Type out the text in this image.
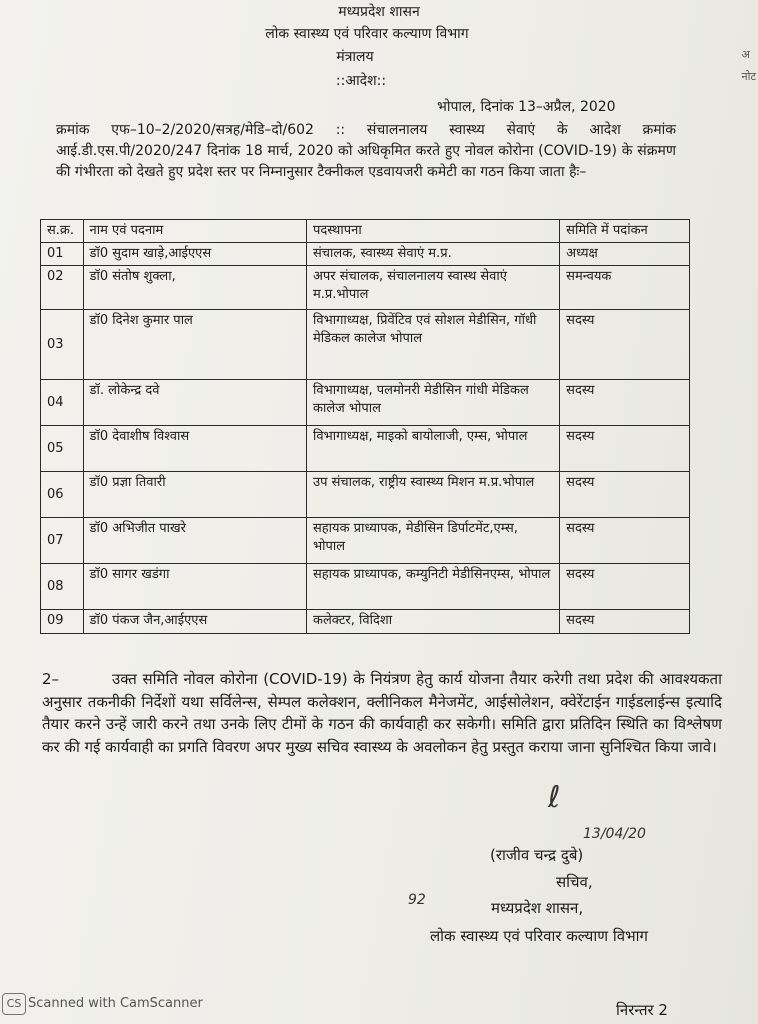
अ
नोट
मध्यप्रदेश शासन
लोक स्वास्थ्य एवं परिवार कल्याण विभाग
मंत्रालय
::आदेश::
भोपाल, दिनांक 13–अप्रैल, 2020
क्रमांक एफ–10–2/2020/सत्रह/मेडि–दो/602 :: संचालनालय स्वास्थ्य सेवाएं के आदेश क्रमांक आई.डी.एस.पी/2020/247 दिनांक 18 मार्च, 2020 को अधिकृमित करते हुए नोवल कोरोना (COVID-19) के संक्रमण की गंभीरता को देखते हुए प्रदेश स्तर पर निम्नानुसार टैक्नीकल एडवायजरी कमेटी का गठन किया जाता हैः–
स.क्र.	नाम एवं पदनाम	पदस्थापना	समिति में पदांकन
01	डॉ0 सुदाम खाड़े,आईएएस	संचालक, स्वास्थ्य सेवाएं म.प्र.	अध्यक्ष
02	डॉ0 संतोष शुक्ला,	अपर संचालक, संचालनालय स्वास्थ सेवाएं म.प्र.भोपाल	समन्वयक
03	डॉ0 दिनेश कुमार पाल	विभागाध्यक्ष, प्रिवेंटिव एवं सोशल मेडीसिन, गॉधी मेडिकल कालेज भोपाल	सदस्य
04	डॉ. लोकेन्द्र दवे	विभागाध्यक्ष, पलमोनरी मेडीसिन गांधी मेडिकल कालेज भोपाल	सदस्य
05	डॉ0 देवाशीष विश्वास	विभागाध्यक्ष, माइको बायोलाजी, एम्स, भोपाल	सदस्य
06	डॉ0 प्रज्ञा तिवारी	उप संचालक, राष्ट्रीय स्वास्थ्य मिशन म.प्र.भोपाल	सदस्य
07	डॉ0 अभिजीत पाखरे	सहायक प्राध्यापक, मेडीसिन डिर्पाटमेंट,एम्स, भोपाल	सदस्य
08	डॉ0 सागर खडंगा	सहायक प्राध्यापक, कम्युनिटी मेडीसिनएम्स, भोपाल	सदस्य
09	डॉ0 पंकज जैन,आईएएस	कलेक्टर, विदिशा	सदस्य
2–	उक्त समिति नोवल कोरोना (COVID-19) के नियंत्रण हेतु कार्य योजना तैयार करेगी तथा प्रदेश की आवश्यकता अनुसार तकनीकी निर्देशों यथा सर्विलेन्स, सेम्पल कलेक्शन, क्लीनिकल मैनेजमेंट, आईसोलेशन, क्वेरेंटाईन गाईडलाईन्स इत्यादि तैयार करने उन्हें जारी करने तथा उनके लिए टीमों के गठन की कार्यवाही कर सकेगी। समिति द्वारा प्रतिदिन स्थिति का विश्लेषण कर की गई कार्यवाही का प्रगति विवरण अपर मुख्य सचिव स्वास्थ्य के अवलोकन हेतु प्रस्तुत कराया जाना सुनिश्चित किया जावे।
ℓ
13/04/20
(राजीव चन्द्र दुबे)
सचिव,
92	मध्यप्रदेश शासन,
लोक स्वास्थ्य एवं परिवार कल्याण विभाग
CS Scanned with CamScanner	निरन्तर 2
